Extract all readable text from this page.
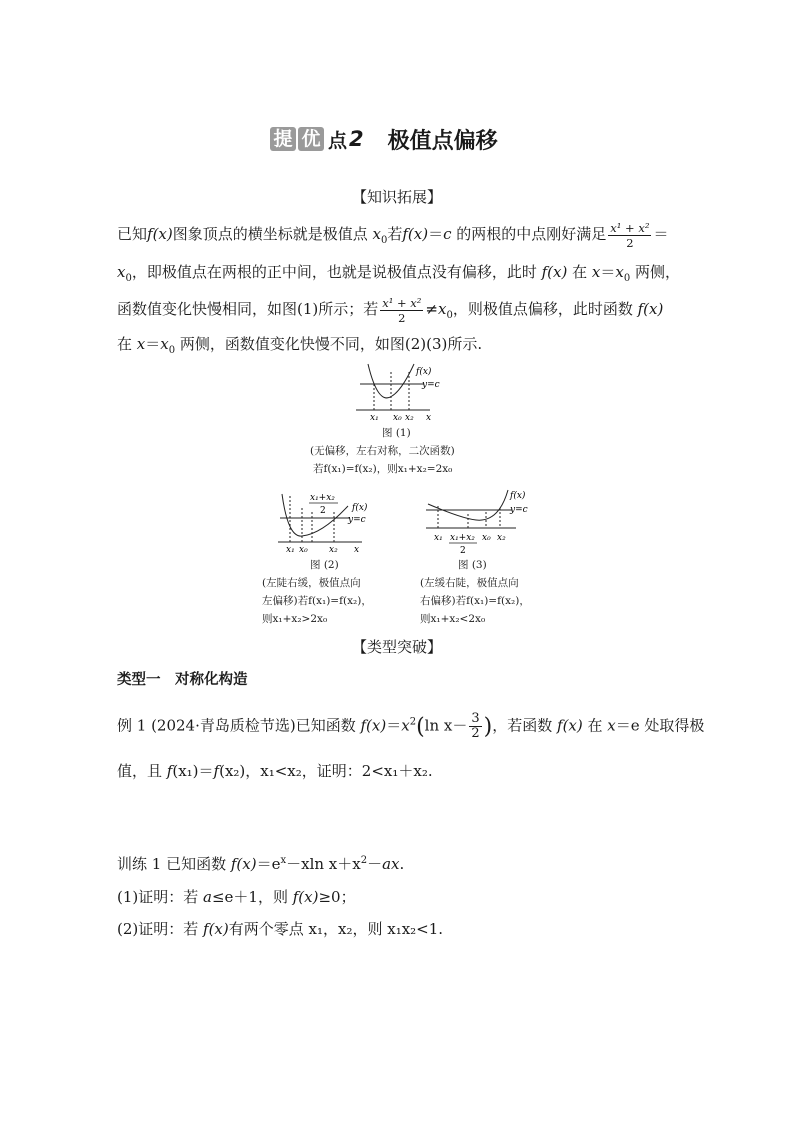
提 优 点 2 极值点偏移
【知识拓展】
已知f(x)图象顶点的横坐标就是极值点 $x_0$若f(x)＝c 的两根的中点刚好满足 $\frac{\text{x¹ + x²}}{2}$ ＝
$x_0$，即极值点在两根的正中间，也就是说极值点没有偏移，此时 f(x) 在 $x=x_0$ 两侧，
函数值变化快慢相同，如图(1)所示；若 $\frac{\text{x¹ + x²}}{2} \ne x_0$，则极值点偏移，此时函数 f(x)
在 $x=x_0$ 两侧，函数值变化快慢不同，如图(2)(3)所示.
f(x)
y=c
x₁ x₀ x₂ x
图 (1)
(无偏移，左右对称，二次函数)
若f(x₁)=f(x₂)，则x₁+x₂=2x₀
x₁+x₂
2	f(x)
y=c
x₁ x₀ x₂ x
图 (2)
(左陡右缓，极值点向
左偏移)若f(x₁)=f(x₂)，
则x₁+x₂>2x₀
f(x)
y=c
x₁ x₁+x₂
2
x₀ x₂
图 (3)
(左缓右陡，极值点向
右偏移)若f(x₁)=f(x₂)，
则x₁+x₂<2x₀
【类型突破】
类型一　对称化构造
例 1 (2024·青岛质检节选)已知函数 $f(x)=x^2(\ln$ $x- \frac{3}{2}$ )，若函数 f(x) 在 x＝e 处取得极
值，且 f(x₁)＝f(x₂)，x₁<x₂，证明：2<x₁＋x₂.
训练 1 已知函数 $f(x)=e^x-xln$ $x+x^2-ax$.
(1)证明：若 a≤e＋1，则 f(x)≥0；
(2)证明：若 f(x)有两个零点 x₁，x₂，则 x₁x₂<1.
